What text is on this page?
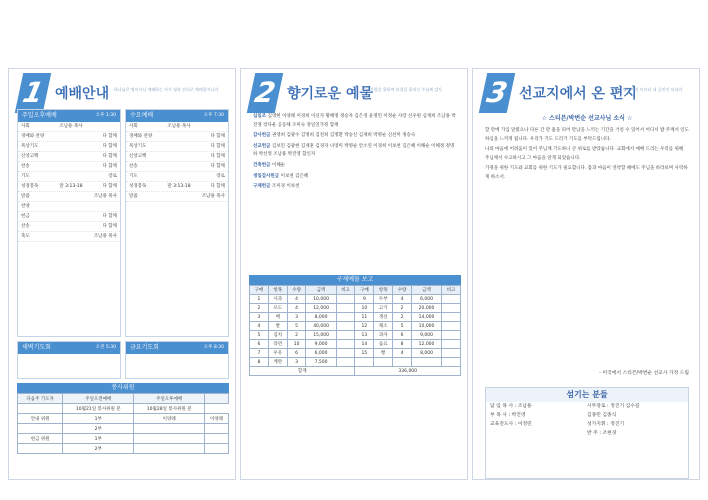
1 예배안내 하나님은 영이시니 예배하는 자가 영과 진리로 예배할지니라
주일오후예배	오후 1:30
사회	조남용 목사
경배와 찬양	다 함께
묵상기도	다 함께
신앙고백	다 함께
찬송	다 함께
기도	장로
성경봉독	말 3:13-18	다 함께
말씀	조남용 목사
찬양
헌금	다 함께
찬송	다 함께
축도	조남용 목사
수요예배	오후 7:30
사회	조남용 목사
경배와 찬양	다 함께
묵상기도	다 함께
신앙고백	다 함께
찬송	다 함께
기도	장로
성경봉독	말 3:13-18	다 함께
말씀	조남용 목사
새벽기도회	오전 5:30	금요기도회	오후 8:30
봉사위원
다음주 기도자	주일오전예배	주일오후예배	
	10월21일 봉사위원 분	10월28일 봉사위원 분	
안내 위원	1부	이양례	이양례
	2부		
헌금 위원	1부		
	2부		
2 향기로운 예물
모든 사람을 위하여 보혈을 흘리신 주님께 감사

십일조 김영현 이양례 이경희 이신자 황해명 정승자 김은경 윤명민 이정순 사랑 신우원 심재희 조남용 박진영 장다운 공동체 조미숙 정일연가정 함께

감사헌금 권영희 김광수 김명희 김전희 김명환 박승신 김재희 박명순 신선미 정승숙

선교헌금 김보민 김광현 김재훈 김경자 나영미 박명순 안소연 이경희 이보천 김은혜 이해순 이혜정 정명하 박선영 조남용 박진영 함인자

건축헌금 이해순

생일감사헌금 이보천 김은혜

구제헌금 조미경 이보천

구제예물 보고
구매	항목	수량	금액	비고	구매	항목	수량	금액	비고
1	사과	4	10,000		9	두부	4	6,000	
2	포도	4	12,000		10	고기	2	20,000	
3	배	3	8,000		11	생선	2	14,000	
4	쌀	5	40,000		12	채소	5	10,000	
5	김치	2	15,000		13	과자	6	9,000	
6	라면	10	9,000		14	음료	8	12,000	
7	우유	6	6,000		15	빵	4	8,000	
8	계란	3	7,500						
합계					336,000				
3 선교지에서 온 편지
땅끝까지 이르러 내 증인이 되리라
☆ 스티븐/박번순 선교사님 소식 ☆

할 만에 가입 달렸으나 다른 간 만 흉을 피어 만남을 느끼는 기간을 거친 수 있어서 어디서 밥 주께서 인도하심을 느끼게 됩니다. 우리가 기도 드리기 기도를 부탁드립니다.

나의 마음에 어려움이 있어 주님께 기도하니 큰 위로를 받았습니다. 교회에서 예배 드리는 우리를 위해 주님께서 수고하시고 그 마음을 알게 되었습니다.

가정을 위한 기도와 교회를 위한 기도가 필요합니다. 몸과 마음이 연약할 때에도 주님을 바라보며 사역하게 하소서.

- 미국에서 스티븐/박번순 선교사 가정 드림
섬기는 분들
담 임 목 사 : 조남용	시무장로 : 정진기 김수길
부 목 사 : 박진영	김종민 김종식
교육전도사 : 이정민	성가지휘 : 정진기
반 주 : 조현경
